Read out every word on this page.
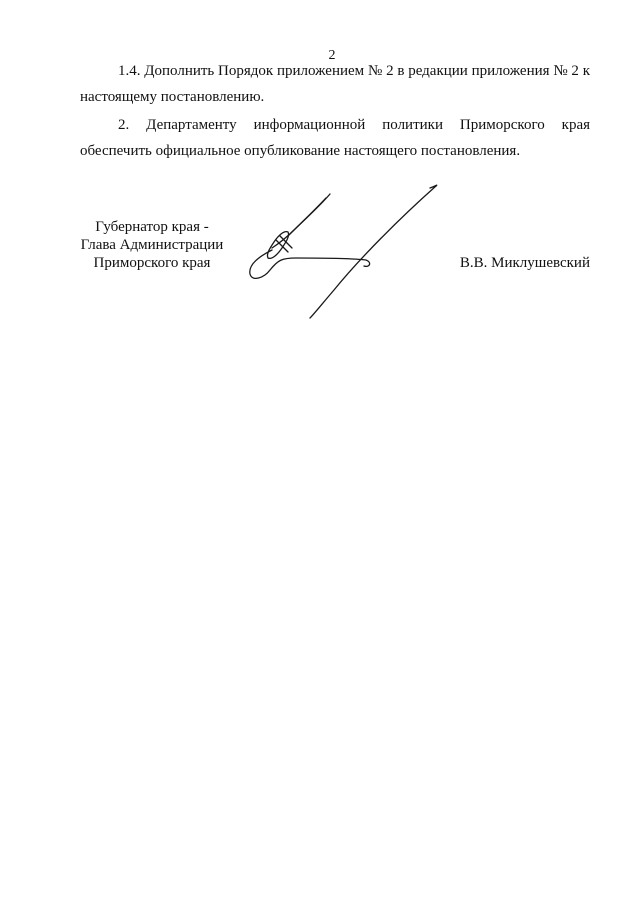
2
1.4. Дополнить Порядок приложением № 2 в редакции приложения № 2 к
настоящему постановлению.
2. Департаменту информационной политики Приморского края
обеспечить официальное опубликование настоящего постановления.
Губернатор края -
Глава Администрации
Приморского края	В.В. Миклушевский
